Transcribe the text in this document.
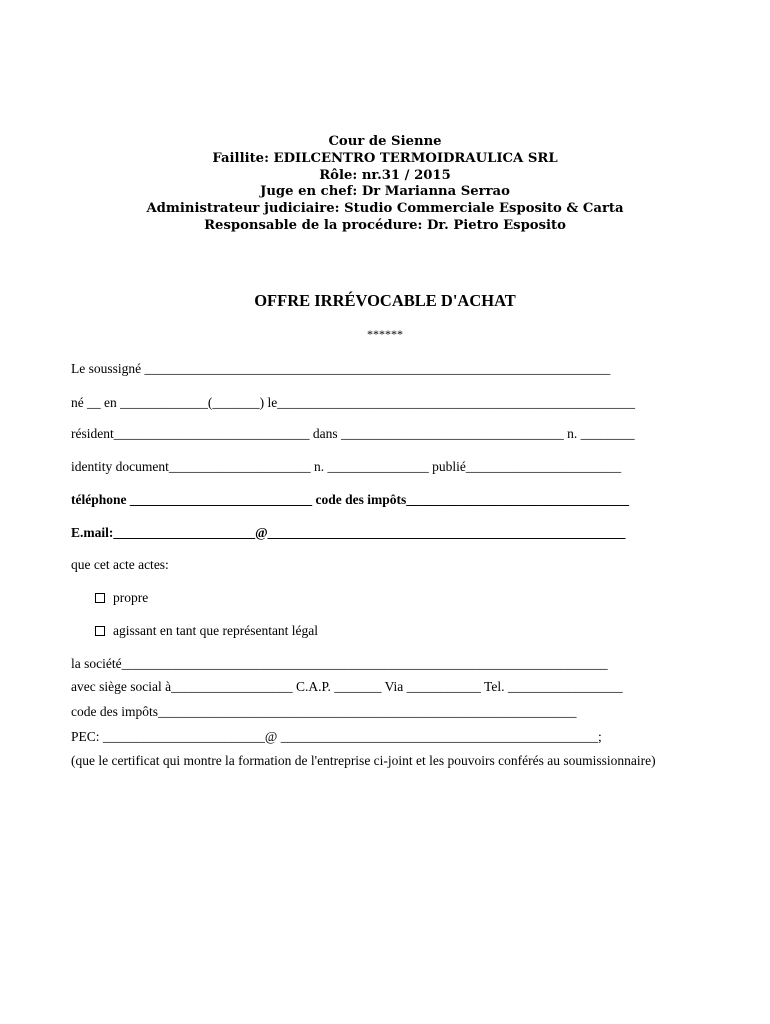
Cour de Sienne
Faillite: EDILCENTRO TERMOIDRAULICA SRL
Rôle: nr.31 / 2015
Juge en chef: Dr Marianna Serrao
Administrateur judiciaire: Studio Commerciale Esposito & Carta
Responsable de la procédure: Dr. Pietro Esposito
OFFRE IRRÉVOCABLE D'ACHAT
******
Le soussigné _____________________________________________________________________
né __ en _____________(_______) le_____________________________________________________
résident_____________________________ dans _________________________________ n. ________
identity document_____________________ n. _______________ publié_______________________
téléphone ___________________________ code des impôts_________________________________
E.mail:_____________________@_____________________________________________________
que cet acte actes:
propre
agissant en tant que représentant légal
la société________________________________________________________________________
avec siège social à__________________ C.A.P. _______ Via ___________ Tel. _________________
code des impôts______________________________________________________________
PEC: ________________________@ _______________________________________________;
(que le certificat qui montre la formation de l'entreprise ci-joint et les pouvoirs conférés au soumissionnaire)
